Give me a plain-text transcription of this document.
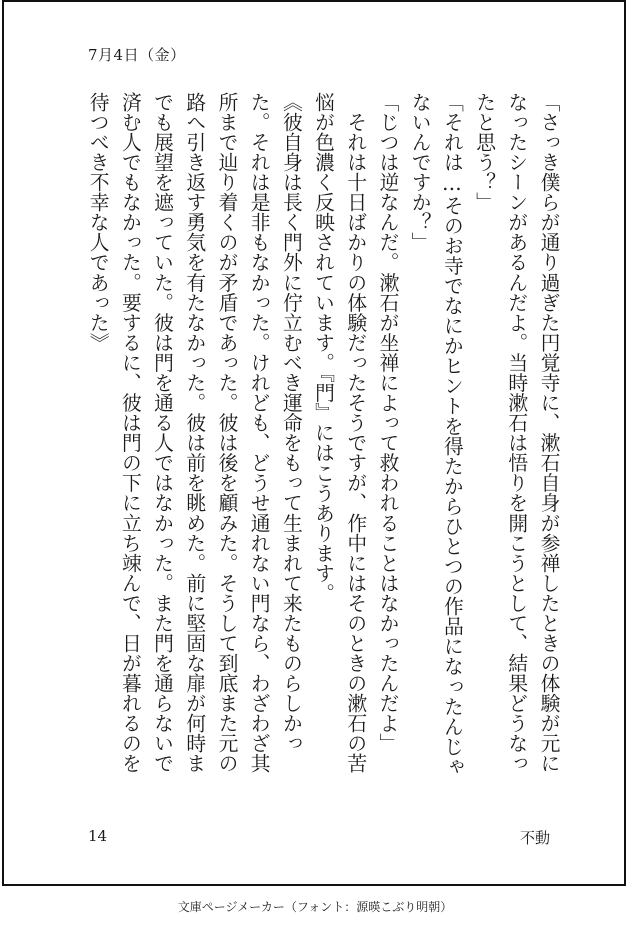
7月4日（金）

「さっき僕らが通り過ぎた円覚寺に、漱石自身が参禅したときの体験が元になったシーンがあるんだよ。当時漱石は悟りを開こうとして、結果どうなったと思う？」

「それは…そのお寺でなにかヒントを得たからひとつの作品になったんじゃないんですか？」

「じつは逆なんだ。漱石が坐禅によって救われることはなかったんだよ」

　それは十日ばかりの体験だったそうですが、作中にはそのときの漱石の苦悩が色濃く反映されています。『門』にはこうあります。

《彼自身は長く門外に佇立むべき運命をもって生まれて来たものらしかった。それは是非もなかった。けれども、どうせ通れない門なら、わざわざ其所まで辿り着くのが矛盾であった。彼は後を顧みた。そうして到底また元の路へ引き返す勇気を有たなかった。彼は前を眺めた。前に堅固な扉が何時までも展望を遮っていた。彼は門を通る人ではなかった。また門を通らないで済む人でもなかった。要するに、彼は門の下に立ち竦んで、日が暮れるのを待つべき不幸な人であった》

14	不動
文庫ページメーカー（フォント：源暎こぶり明朝）
